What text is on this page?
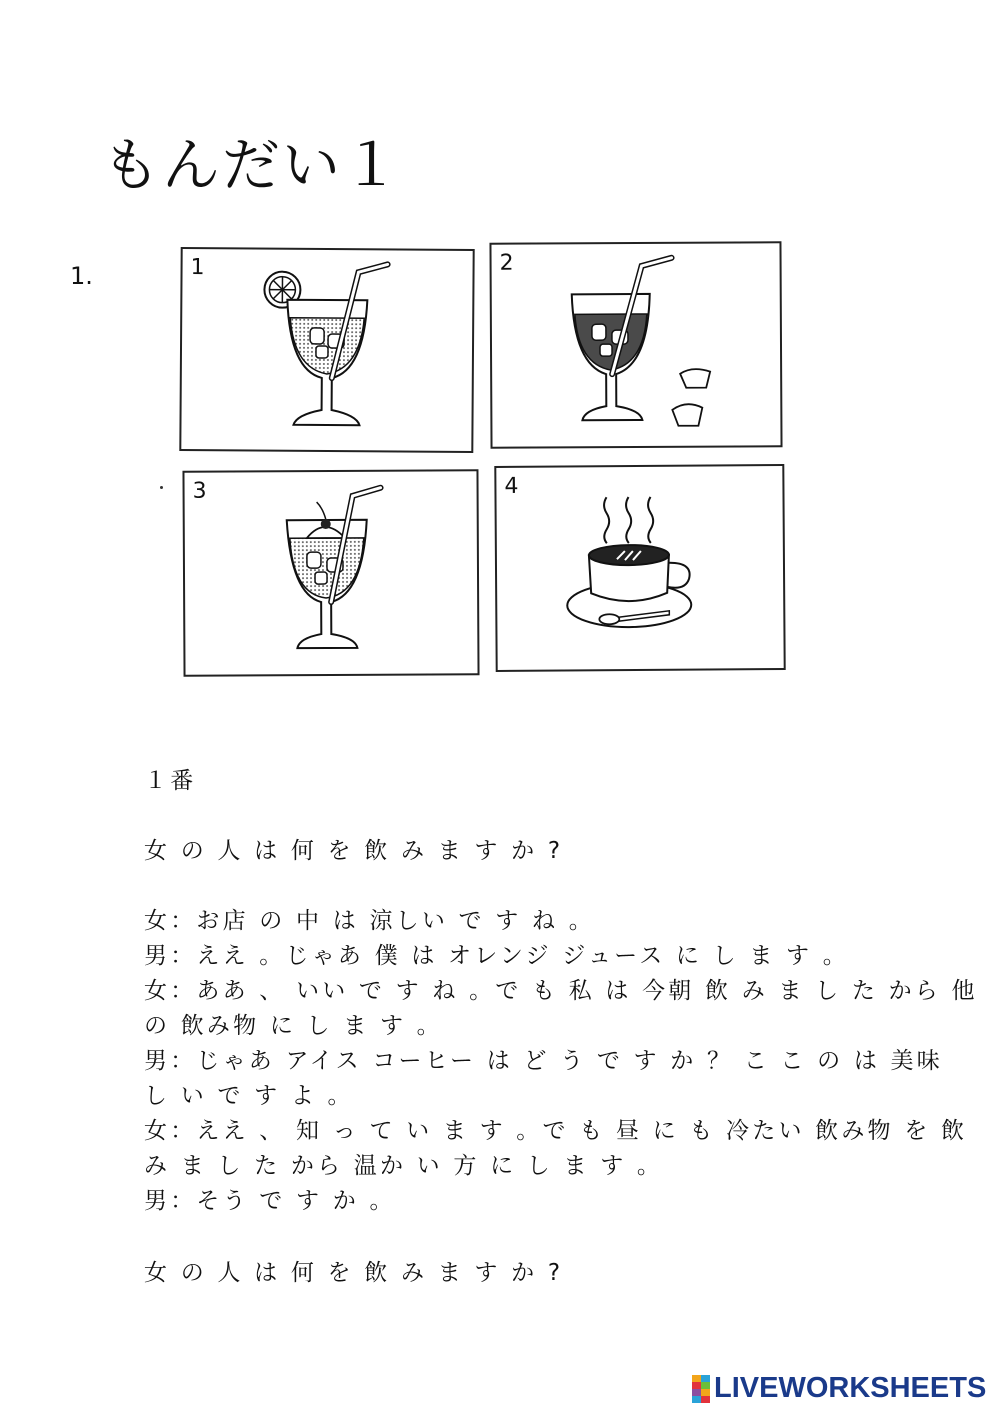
もんだい１
1.	1	2
3	4
１番
女 の 人 は 何 を 飲 み ま す か ?
女：お店 の 中 は 涼しい で す ね 。
男：ええ 。じゃあ 僕 は オレンジ ジュース に し ま す 。
女：ああ 、 いい で す ね 。で も 私 は 今朝 飲 み ま し た から 他
の 飲み物 に し ま す 。
男：じゃあ アイス コーヒー は ど う で す か ？ こ こ の は 美味
し い で す よ 。
女：ええ 、 知 っ て い ま す 。で も 昼 に も 冷たい 飲み物 を 飲
み ま し た から 温か い 方 に し ま す 。
男：そう で す か 。
女 の 人 は 何 を 飲 み ま す か ?
LIVEWORKSHEETS
